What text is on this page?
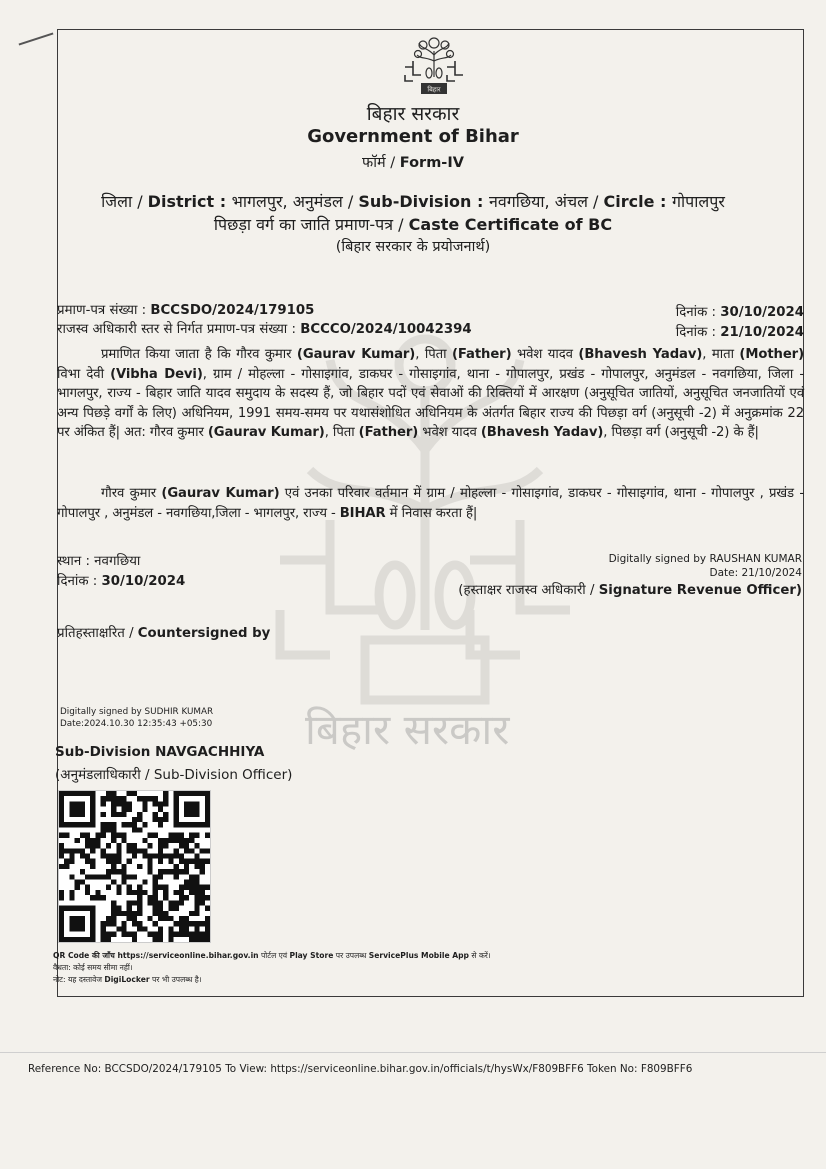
बिहार
बिहार सरकार
बिहार सरकार
Government of Bihar
फॉर्म / Form-IV
जिला / District : भागलपुर, अनुमंडल / Sub-Division : नवगछिया, अंचल / Circle : गोपालपुर
पिछड़ा वर्ग का जाति प्रमाण-पत्र / Caste Certificate of BC
(बिहार सरकार के प्रयोजनार्थ)
प्रमाण-पत्र संख्या : BCCSDO/2024/179105	दिनांक : 30/10/2024
राजस्व अधिकारी स्तर से निर्गत प्रमाण-पत्र संख्या : BCCCO/2024/10042394	दिनांक : 21/10/2024
प्रमाणित किया जाता है कि गौरव कुमार (Gaurav Kumar), पिता (Father) भवेश यादव (Bhavesh Yadav), माता (Mother) विभा देवी (Vibha Devi), ग्राम / मोहल्ला - गोसाइगांव, डाकघर - गोसाइगांव, थाना - गोपालपुर, प्रखंड - गोपालपुर, अनुमंडल - नवगछिया, जिला - भागलपुर, राज्य - बिहार जाति यादव समुदाय के सदस्य हैं, जो बिहार पदों एवं सेवाओं की रिक्तियों में आरक्षण (अनुसूचित जातियों, अनुसूचित जनजातियों एवं अन्य पिछड़े वर्गों के लिए) अधिनियम, 1991 समय-समय पर यथासंशोधित अधिनियम के अंतर्गत बिहार राज्य की पिछड़ा वर्ग (अनुसूची -2) में अनुक्रमांक 22 पर अंकित हैं| अत: गौरव कुमार (Gaurav Kumar), पिता (Father) भवेश यादव (Bhavesh Yadav), पिछड़ा वर्ग (अनुसूची -2) के हैं|
गौरव कुमार (Gaurav Kumar) एवं उनका परिवार वर्तमान में ग्राम / मोहल्ला - गोसाइगांव, डाकघर - गोसाइगांव, थाना - गोपालपुर , प्रखंड - गोपालपुर , अनुमंडल - नवगछिया,जिला - भागलपुर, राज्य - BIHAR में निवास करता हैं|
स्थान : नवगछिया
दिनांक : 30/10/2024
Digitally signed by RAUSHAN KUMAR
Date: 21/10/2024
(हस्ताक्षर राजस्व अधिकारी / Signature Revenue Officer)
प्रतिहस्ताक्षरित / Countersigned by
Digitally signed by SUDHIR KUMAR
Date:2024.10.30 12:35:43 +05:30
Sub-Division NAVGACHHIYA
(अनुमंडलाधिकारी / Sub-Division Officer)
QR Code की जाँच https://serviceonline.bihar.gov.in पोर्टल एवं Play Store पर उपलब्ध ServicePlus Mobile App से करें।
वैधता: कोई समय सीमा नहीं।
नोट: यह दस्तावेज DigiLocker पर भी उपलब्ध है।
Reference No: BCCSDO/2024/179105 To View: https://serviceonline.bihar.gov.in/officials/t/hysWx/F809BFF6 Token No: F809BFF6
